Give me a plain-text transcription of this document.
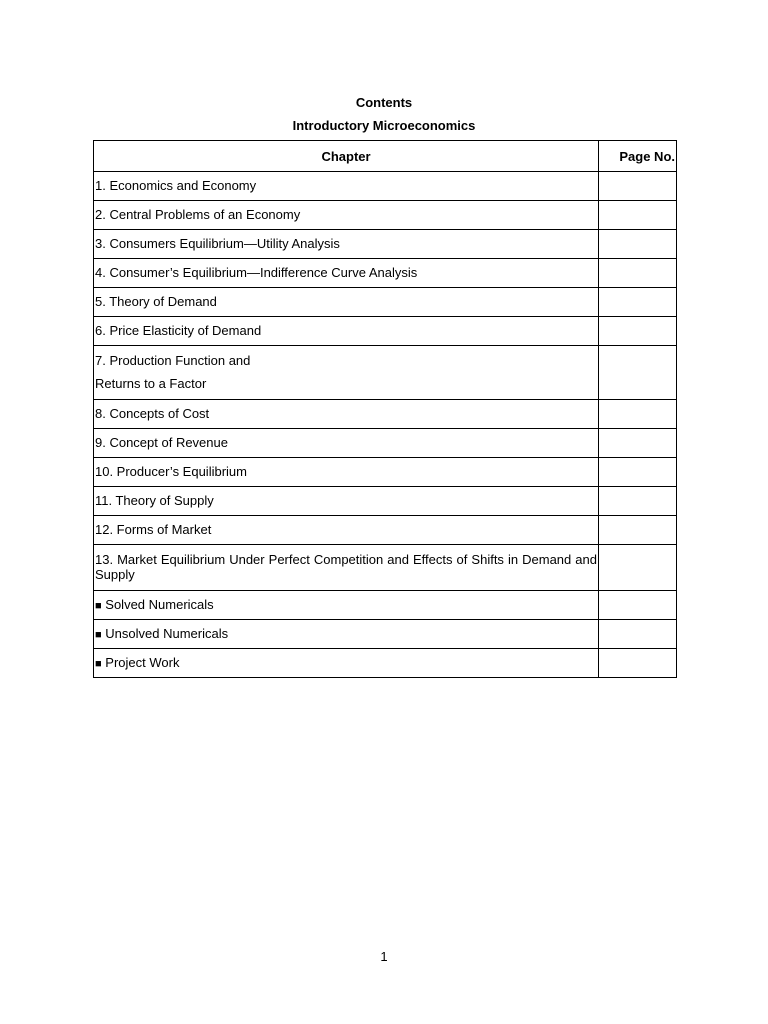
Contents
Introductory Microeconomics
Chapter	Page No.
1. Economics and Economy	
2. Central Problems of an Economy	
3. Consumers Equilibrium—Utility Analysis	
4. Consumer’s Equilibrium—Indifference Curve Analysis	
5. Theory of Demand	
6. Price Elasticity of Demand	

7. Production Function and
Returns to a Factor	

8. Concepts of Cost	
9. Concept of Revenue	
10. Producer’s Equilibrium	
11. Theory of Supply	
12. Forms of Market	
13. Market Equilibrium Under Perfect Competition and Effects of Shifts in Demand and Supply	
■ Solved Numericals	
■ Unsolved Numericals	
■ Project Work	
1
